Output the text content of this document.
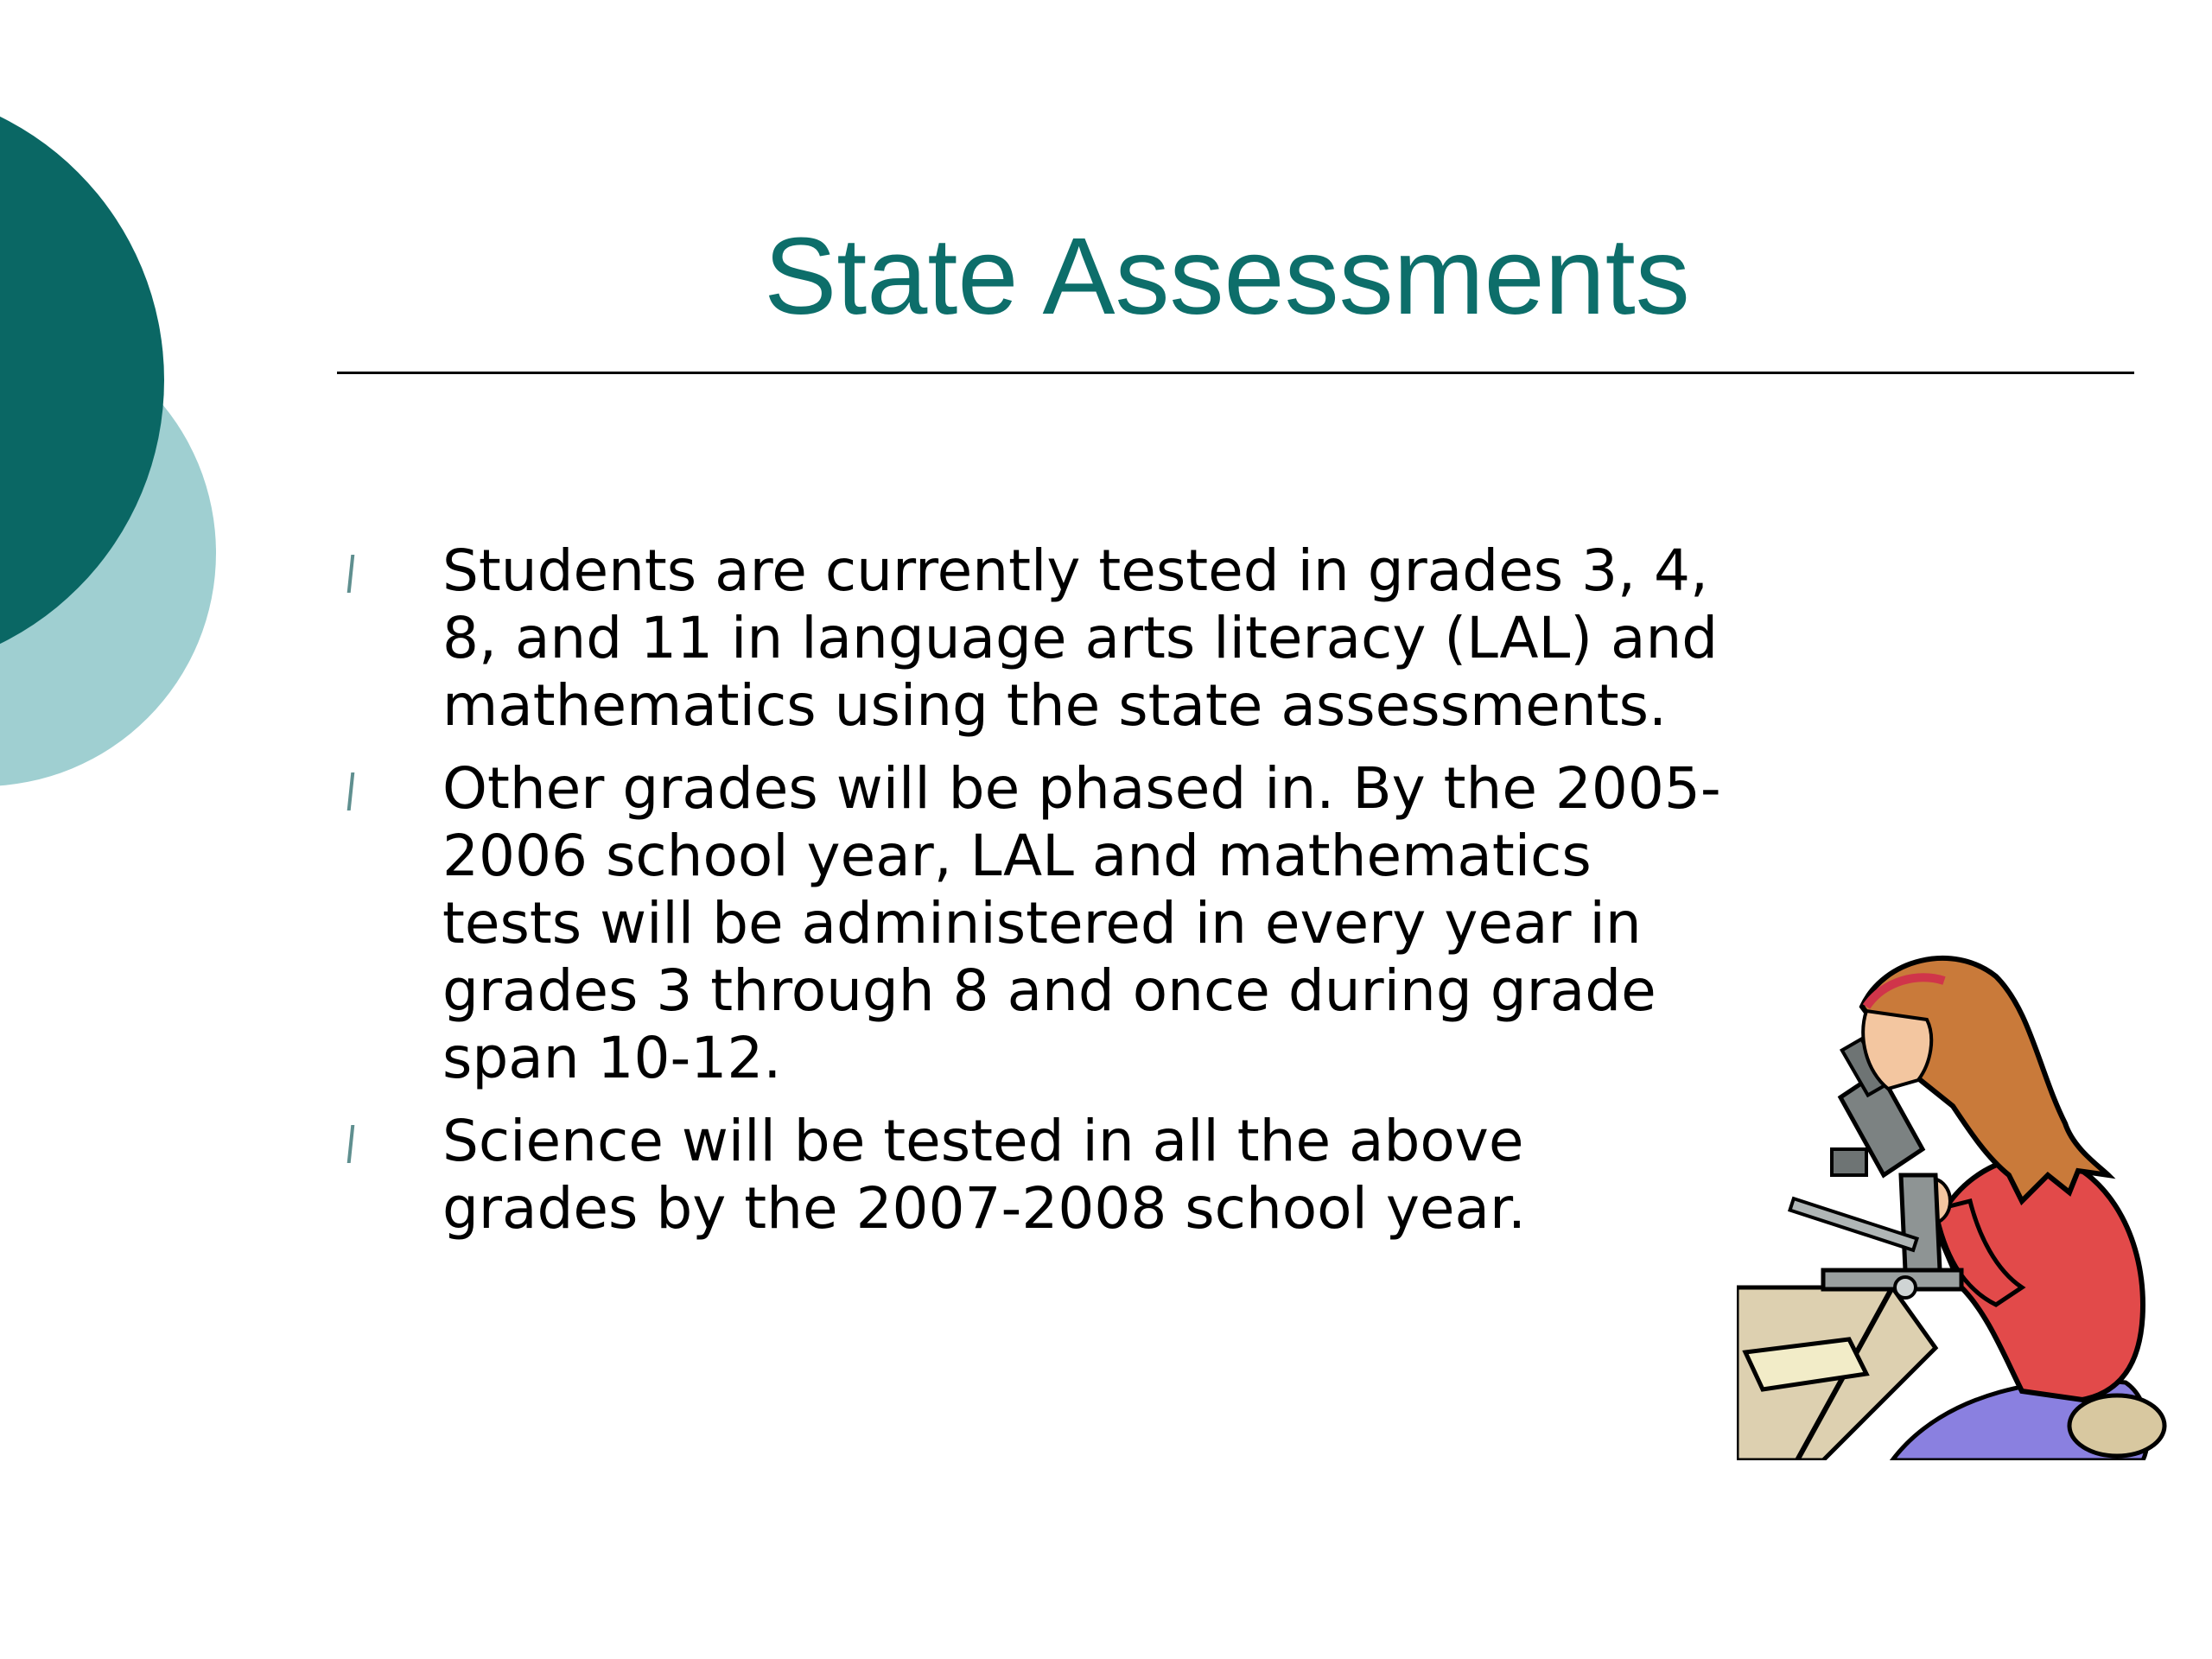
State Assessments
Students are currently tested in grades 3, 4, 8, and 11 in language arts literacy (LAL) and mathematics using the state assessments.
Other grades will be phased in. By the 2005-2006 school year, LAL and mathematics tests will be administered in every year in grades 3 through 8 and once during grade span 10-12.
Science will be tested in all the above grades by the 2007-2008 school year.
